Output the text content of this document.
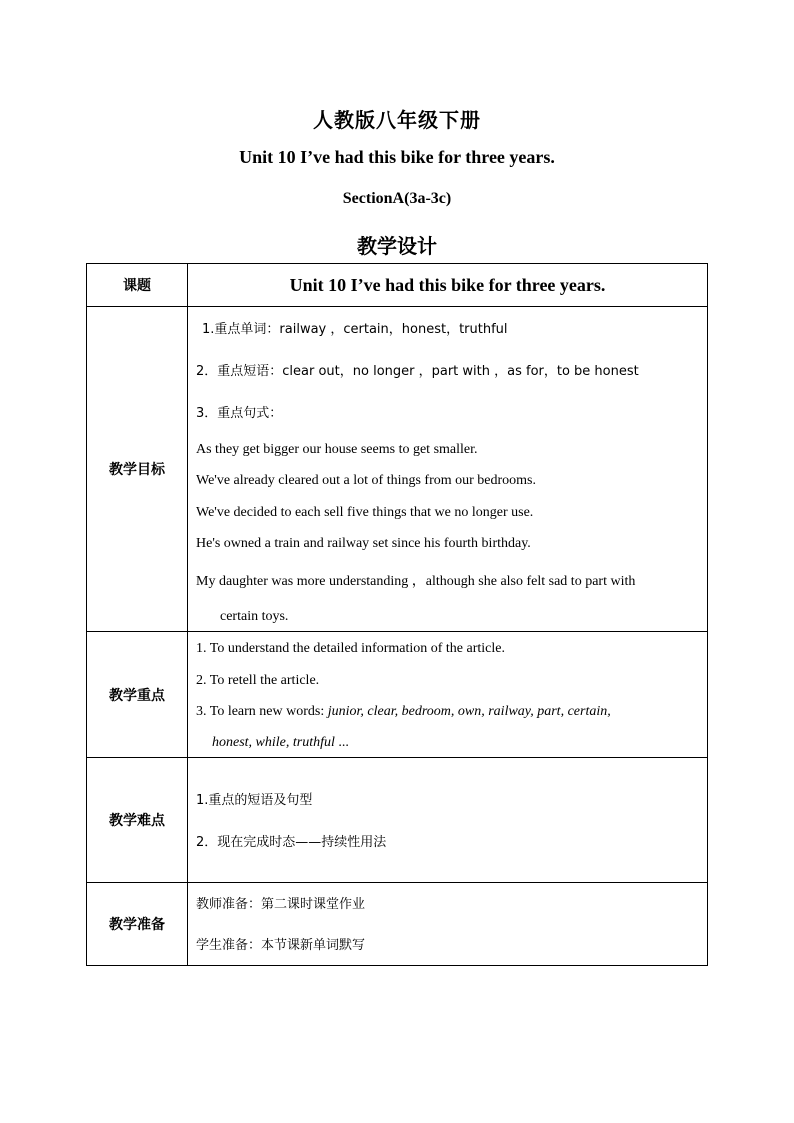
人教版八年级下册
Unit 10 I’ve had this bike for three years.
SectionA(3a-3c)
教学设计
课题	Unit 10 I’ve had this bike for three years.
教学目标
1.重点单词：railway ，certain，honest，truthful
2．重点短语：clear out，no longer ，part with ，as for，to be honest
3．重点句式：
As they get bigger our house seems to get smaller.
We've already cleared out a lot of things from our bedrooms.
We've decided to each sell five things that we no longer use.
He's owned a train and railway set since his fourth birthday.
My daughter was more understanding ，although she also felt sad to part with
certain toys.
教学重点
1. To understand the detailed information of the article.
2. To retell the article.
3. To learn new words: junior, clear, bedroom, own, railway, part, certain,
honest, while, truthful ...
教学难点
1.重点的短语及句型
2．现在完成时态——持续性用法
教学准备
教师准备：第二课时课堂作业
学生准备：本节课新单词默写
